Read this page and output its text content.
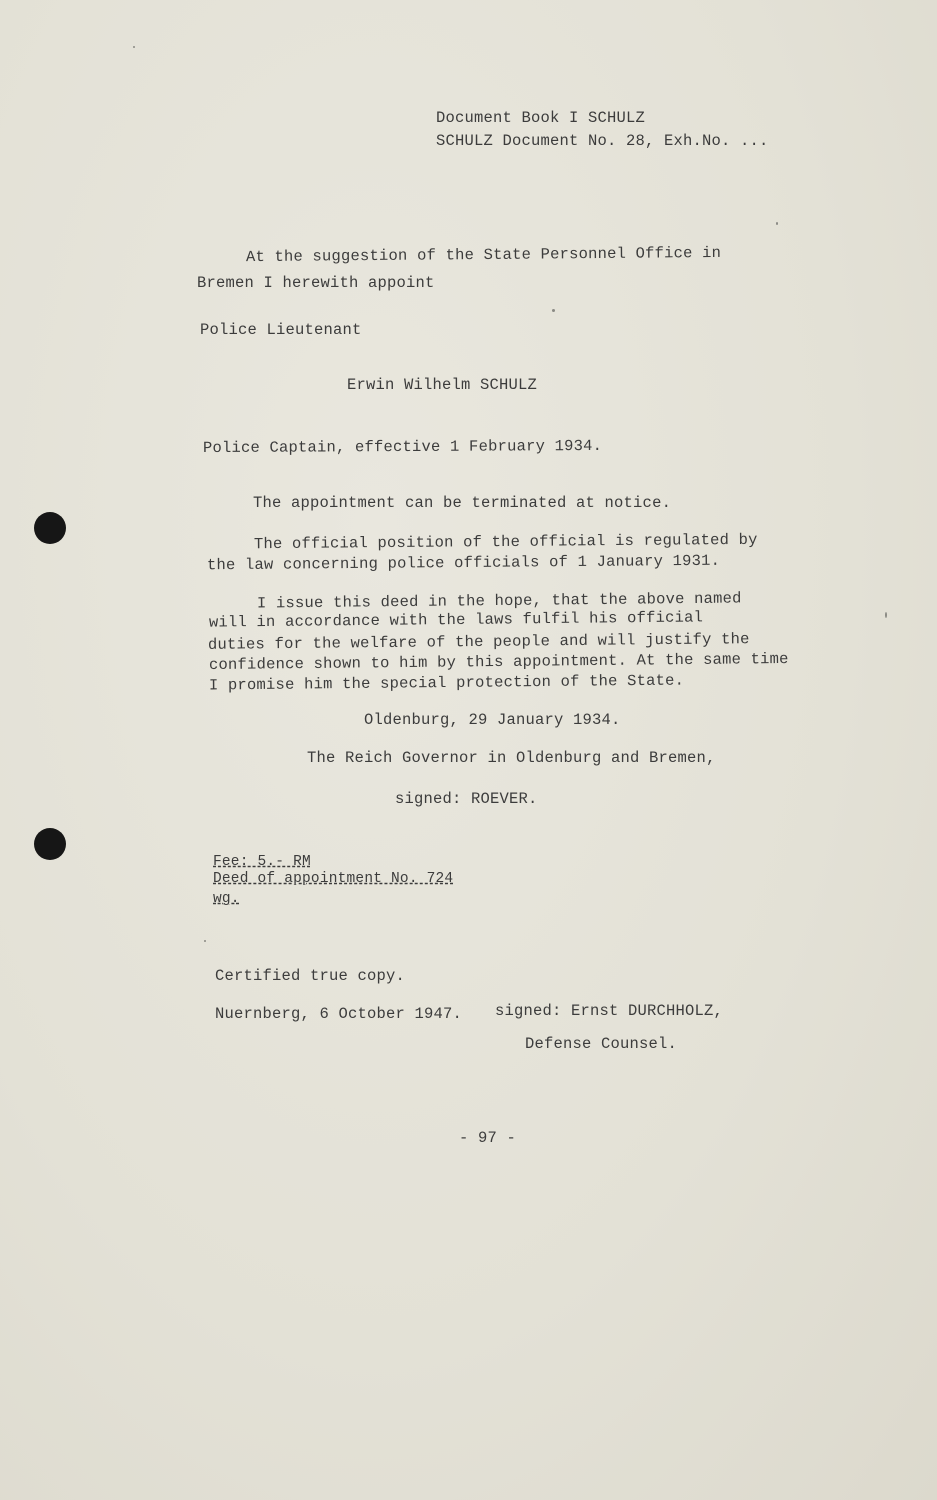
Document Book I SCHULZ
SCHULZ Document No. 28, Exh.No. ...
At the suggestion of the State Personnel Office in
Bremen I herewith appoint
Police Lieutenant
Erwin Wilhelm SCHULZ
Police Captain, effective 1 February 1934.
The appointment can be terminated at notice.
The official position of the official is regulated by
the law concerning police officials of 1 January 1931.
I issue this deed in the hope, that the above named
will in accordance with the laws fulfil his official
duties for the welfare of the people and will justify the
confidence shown to him by this appointment. At the same time
I promise him the special protection of the State.
Oldenburg, 29 January 1934.
The Reich Governor in Oldenburg and Bremen,
signed: ROEVER.
Fee: 5.- RM
Deed of appointment No. 724
wg.
Certified true copy.
Nuernberg, 6 October 1947. signed: Ernst DURCHHOLZ,
Defense Counsel.
- 97 -
